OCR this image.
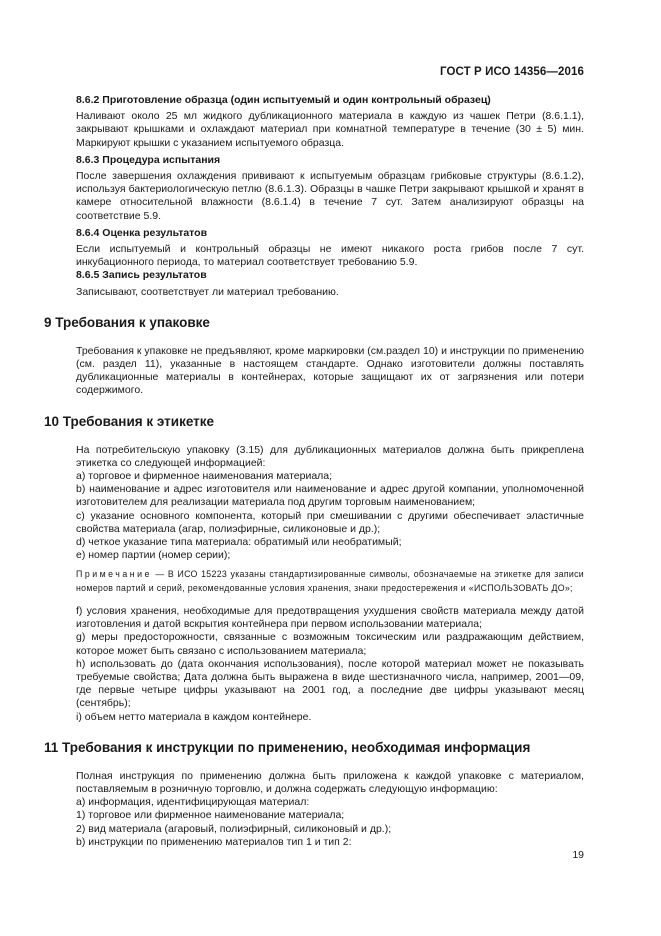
ГОСТ Р ИСО 14356—2016
8.6.2 Приготовление образца (один испытуемый и один контрольный образец)
Наливают около 25 мл жидкого дубликационного материала в каждую из чашек Петри (8.6.1.1), закрывают крышками и охлаждают материал при комнатной температуре в течение (30 ± 5) мин. Маркируют крышки с указанием испытуемого образца.
8.6.3 Процедура испытания
После завершения охлаждения прививают к испытуемым образцам грибковые структуры (8.6.1.2), используя бактериологическую петлю (8.6.1.3). Образцы в чашке Петри закрывают крышкой и хранят в камере относительной влажности (8.6.1.4) в течение 7 сут. Затем анализируют образцы на соответствие 5.9.
8.6.4 Оценка результатов
Если испытуемый и контрольный образцы не имеют никакого роста грибов после 7 сут. инкубационного периода, то материал соответствует требованию 5.9.
8.6.5 Запись результатов
Записывают, соответствует ли материал требованию.
9 Требования к упаковке
Требования к упаковке не предъявляют, кроме маркировки (см.раздел 10) и инструкции по применению (см. раздел 11), указанные в настоящем стандарте. Однако изготовители должны поставлять дубликационные материалы в контейнерах, которые защищают их от загрязнения или потери содержимого.
10 Требования к этикетке
На потребительскую упаковку (3.15) для дубликационных материалов должна быть прикреплена этикетка со следующей информацией:
a) торговое и фирменное наименования материала;
b) наименование и адрес изготовителя или наименование и адрес другой компании, уполномоченной изготовителем для реализации материала под другим торговым наименованием;
c) указание основного компонента, который при смешивании с другими обеспечивает эластичные свойства материала (агар, полиэфирные, силиконовые и др.);
d) четкое указание типа материала: обратимый или необратимый;
e) номер партии (номер серии);
Примечание — В ИСО 15223 указаны стандартизированные символы, обозначаемые на этикетке для записи номеров партий и серий, рекомендованные условия хранения, знаки предостережения и «ИСПОЛЬЗОВАТЬ ДО»;
f) условия хранения, необходимые для предотвращения ухудшения свойств материала между датой изготовления и датой вскрытия контейнера при первом использовании материала;
g) меры предосторожности, связанные с возможным токсическим или раздражающим действием, которое может быть связано с использованием материала;
h) использовать до (дата окончания использования), после которой материал может не показывать требуемые свойства; Дата должна быть выражена в виде шестизначного числа, например, 2001—09, где первые четыре цифры указывают на 2001 год, а последние две цифры указывают месяц (сентябрь);
i) объем нетто материала в каждом контейнере.
11 Требования к инструкции по применению, необходимая информация
Полная инструкция по применению должна быть приложена к каждой упаковке с материалом, поставляемым в розничную торговлю, и должна содержать следующую информацию:
a) информация, идентифицирующая материал:
1) торговое или фирменное наименование материала;
2) вид материала (агаровый, полиэфирный, силиконовый и др.);
b) инструкции по применению материалов тип 1 и тип 2:
19
